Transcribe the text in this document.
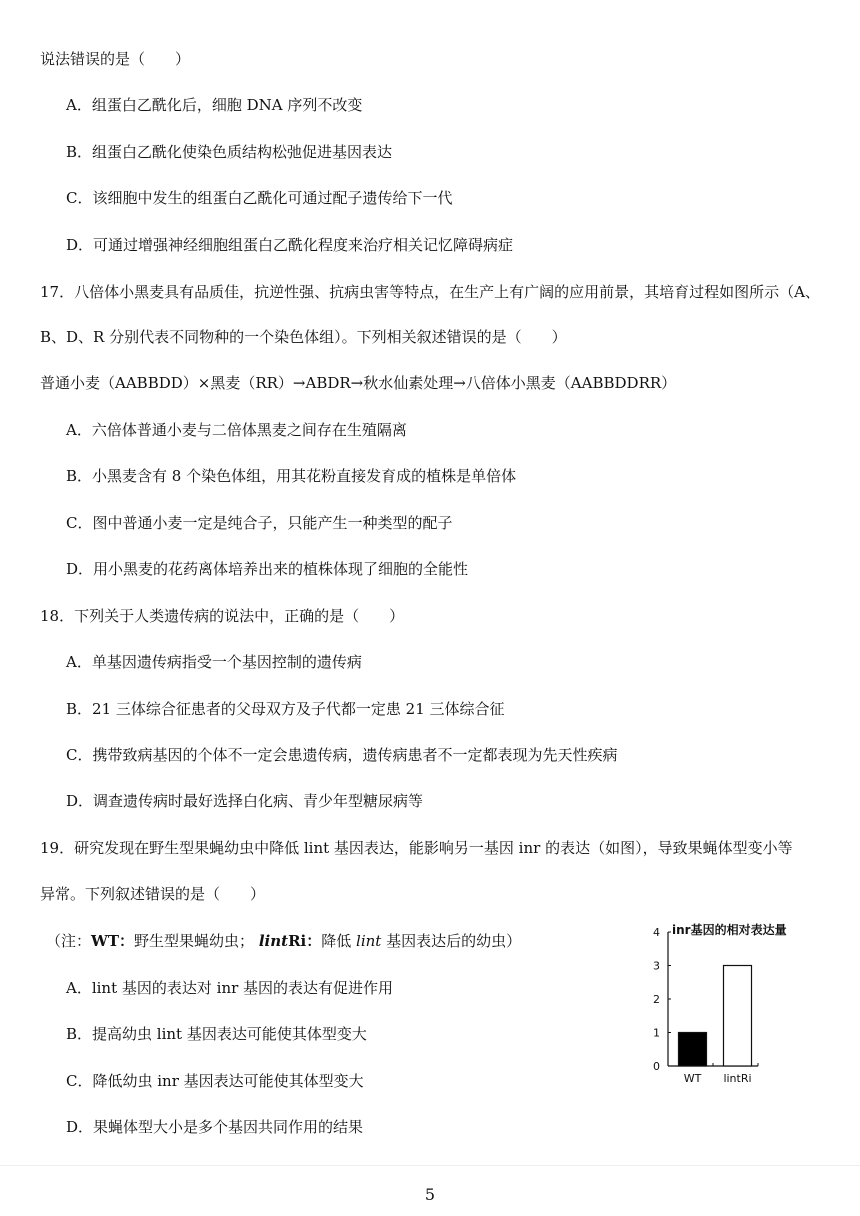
说法错误的是（　　）
A．组蛋白乙酰化后，细胞 DNA 序列不改变
B．组蛋白乙酰化使染色质结构松弛促进基因表达
C．该细胞中发生的组蛋白乙酰化可通过配子遗传给下一代
D．可通过增强神经细胞组蛋白乙酰化程度来治疗相关记忆障碍病症
17．八倍体小黑麦具有品质佳，抗逆性强、抗病虫害等特点，在生产上有广阔的应用前景，其培育过程如图所示（A、
B、D、R 分别代表不同物种的一个染色体组）。下列相关叙述错误的是（　　）
普通小麦（AABBDD）×黑麦（RR）→ABDR→秋水仙素处理→八倍体小黑麦（AABBDDRR）
A．六倍体普通小麦与二倍体黑麦之间存在生殖隔离
B．小黑麦含有 8 个染色体组，用其花粉直接发育成的植株是单倍体
C．图中普通小麦一定是纯合子，只能产生一种类型的配子
D．用小黑麦的花药离体培养出来的植株体现了细胞的全能性
18．下列关于人类遗传病的说法中，正确的是（　　）
A．单基因遗传病指受一个基因控制的遗传病
B．21 三体综合征患者的父母双方及子代都一定患 21 三体综合征
C．携带致病基因的个体不一定会患遗传病，遗传病患者不一定都表现为先天性疾病
D．调查遗传病时最好选择白化病、青少年型糖尿病等
19．研究发现在野生型果蝇幼虫中降低 lint 基因表达，能影响另一基因 inr 的表达（如图），导致果蝇体型变小等
异常。下列叙述错误的是（　　）
（注：WT：野生型果蝇幼虫； lintRi：降低 lint 基因表达后的幼虫）
A．lint 基因的表达对 inr 基因的表达有促进作用
B．提高幼虫 lint 基因表达可能使其体型变大
C．降低幼虫 inr 基因表达可能使其体型变大
D．果蝇体型大小是多个基因共同作用的结果
inr基因的相对表达量
0
1
2
3
4
WT lintRi
5
